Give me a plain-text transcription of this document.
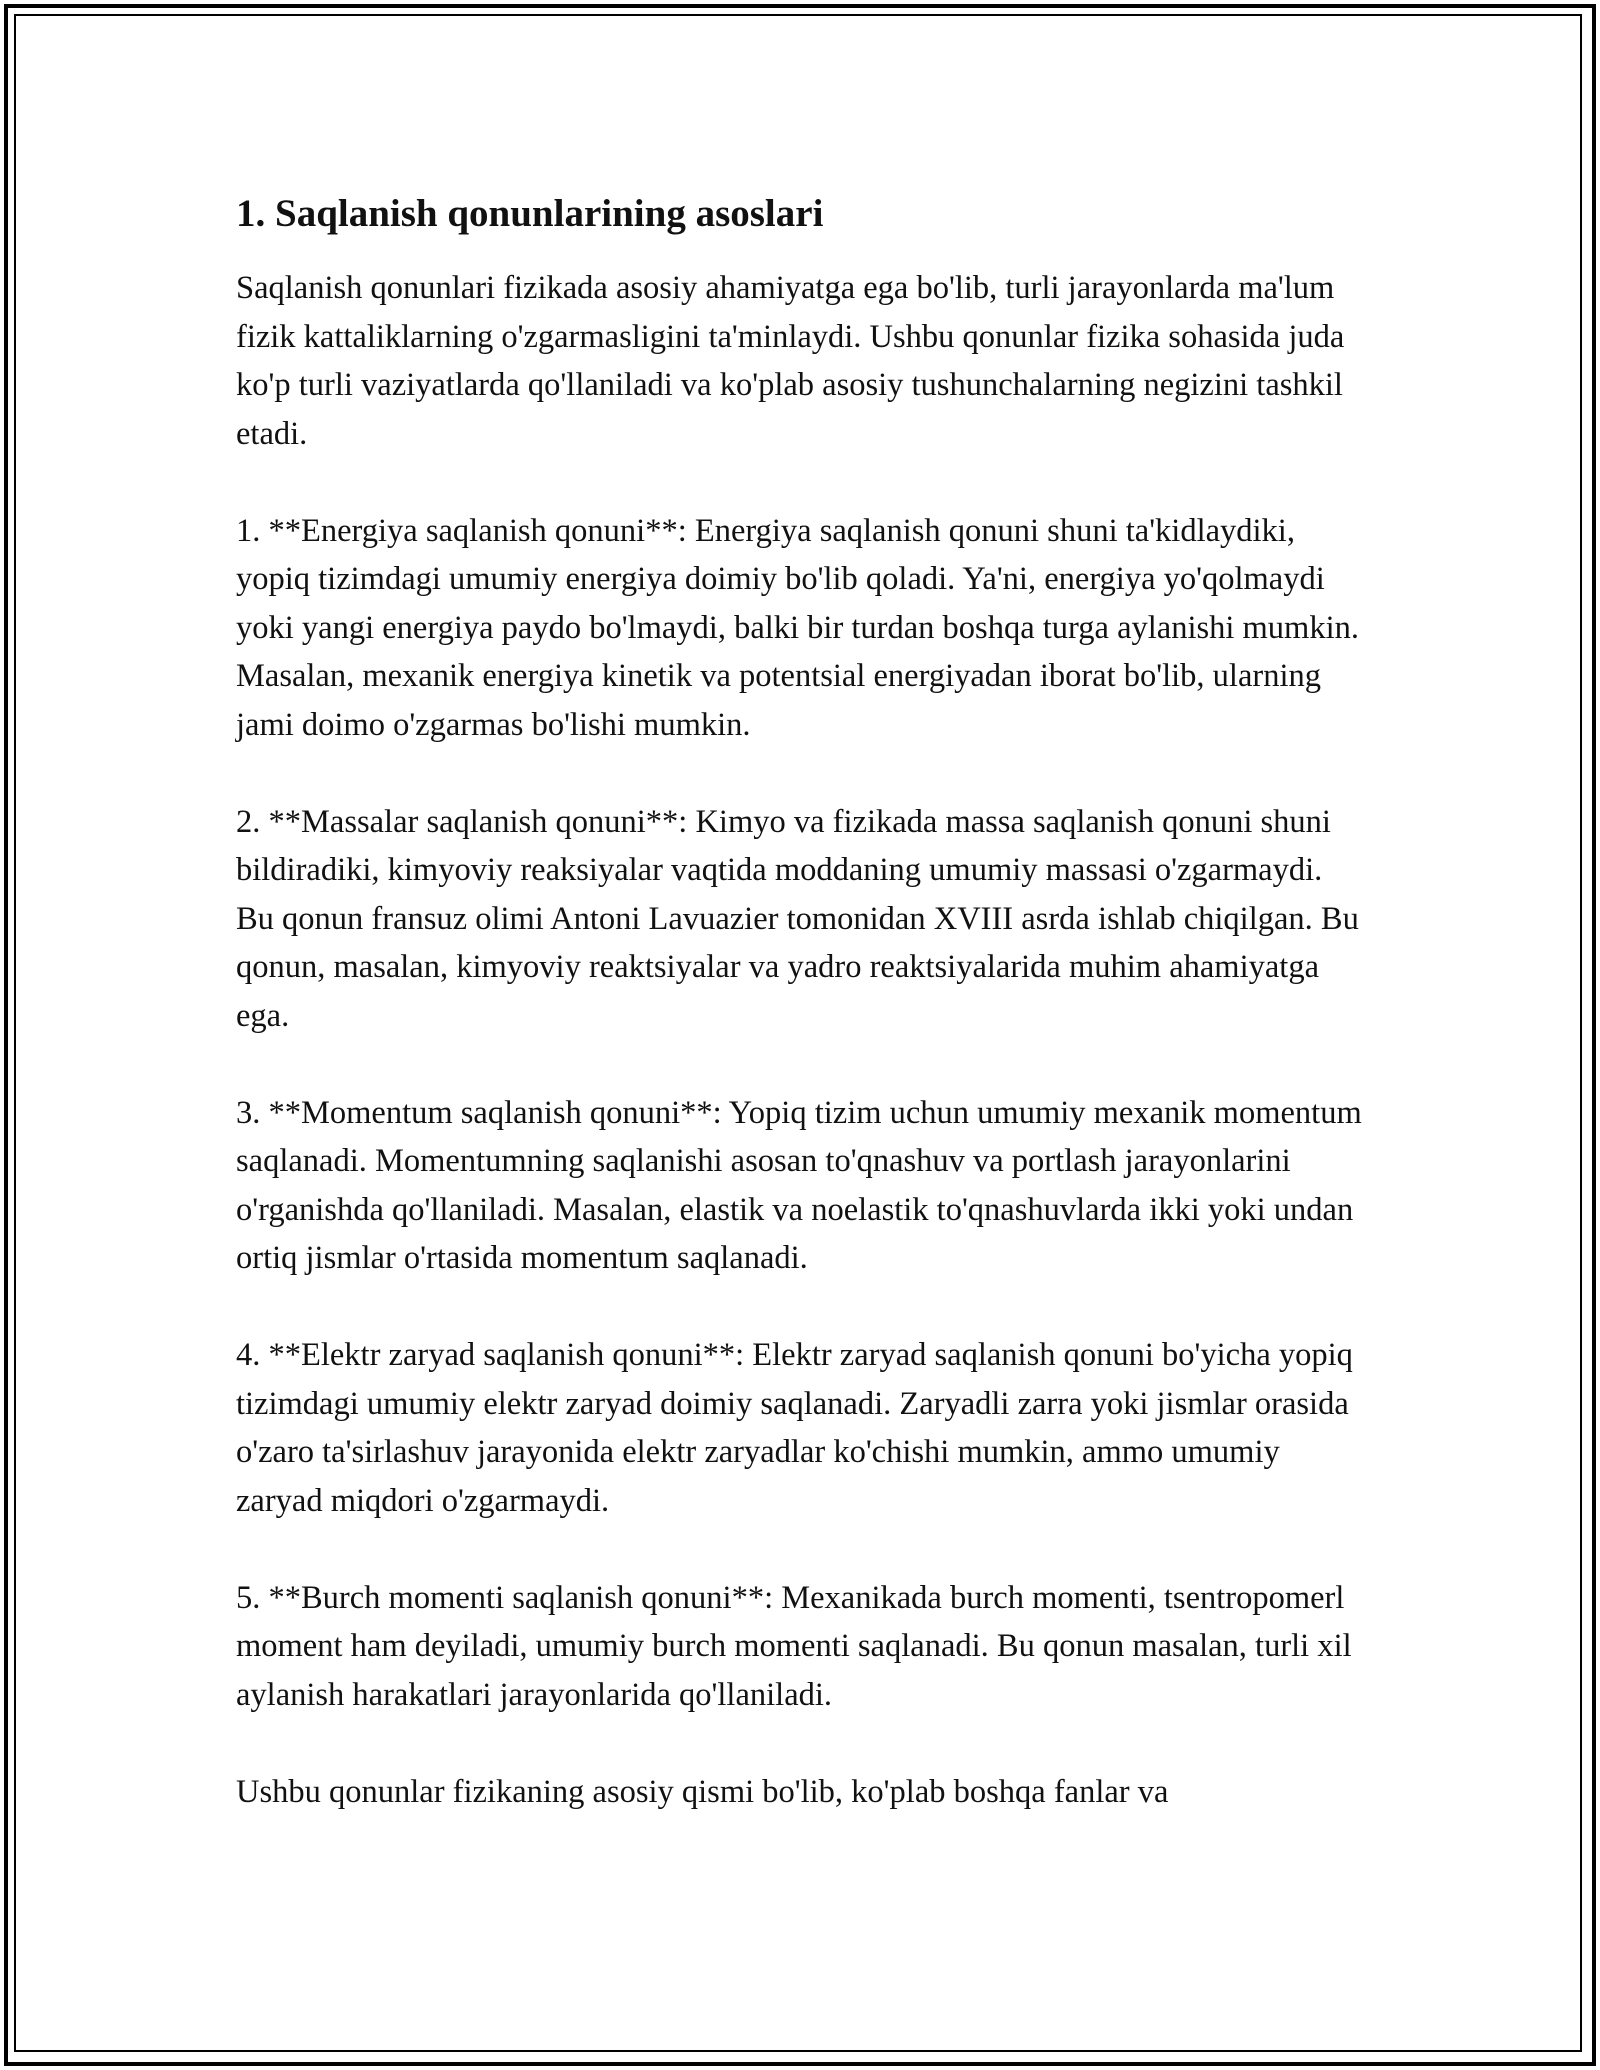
1. Saqlanish qonunlarining asoslari

Saqlanish qonunlari fizikada asosiy ahamiyatga ega bo'lib, turli jarayonlarda ma'lum fizik kattaliklarning o'zgarmasligini ta'minlaydi. Ushbu qonunlar fizika sohasida juda ko'p turli vaziyatlarda qo'llaniladi va ko'plab asosiy tushunchalarning negizini tashkil etadi.

1. **Energiya saqlanish qonuni**: Energiya saqlanish qonuni shuni ta'kidlaydiki, yopiq tizimdagi umumiy energiya doimiy bo'lib qoladi. Ya'ni, energiya yo'qolmaydi yoki yangi energiya paydo bo'lmaydi, balki bir turdan boshqa turga aylanishi mumkin. Masalan, mexanik energiya kinetik va potentsial energiyadan iborat bo'lib, ularning jami doimo o'zgarmas bo'lishi mumkin.

2. **Massalar saqlanish qonuni**: Kimyo va fizikada massa saqlanish qonuni shuni bildiradiki, kimyoviy reaksiyalar vaqtida moddaning umumiy massasi o'zgarmaydi. Bu qonun fransuz olimi Antoni Lavuazier tomonidan XVIII asrda ishlab chiqilgan. Bu qonun, masalan, kimyoviy reaktsiyalar va yadro reaktsiyalarida muhim ahamiyatga ega.

3. **Momentum saqlanish qonuni**: Yopiq tizim uchun umumiy mexanik momentum saqlanadi. Momentumning saqlanishi asosan to'qnashuv va portlash jarayonlarini o'rganishda qo'llaniladi. Masalan, elastik va noelastik to'qnashuvlarda ikki yoki undan ortiq jismlar o'rtasida momentum saqlanadi.

4. **Elektr zaryad saqlanish qonuni**: Elektr zaryad saqlanish qonuni bo'yicha yopiq tizimdagi umumiy elektr zaryad doimiy saqlanadi. Zaryadli zarra yoki jismlar orasida o'zaro ta'sirlashuv jarayonida elektr zaryadlar ko'chishi mumkin, ammo umumiy zaryad miqdori o'zgarmaydi.

5. **Burch momenti saqlanish qonuni**: Mexanikada burch momenti, tsentropomerl moment ham deyiladi, umumiy burch momenti saqlanadi. Bu qonun masalan, turli xil aylanish harakatlari jarayonlarida qo'llaniladi.

Ushbu qonunlar fizikaning asosiy qismi bo'lib, ko'plab boshqa fanlar va
